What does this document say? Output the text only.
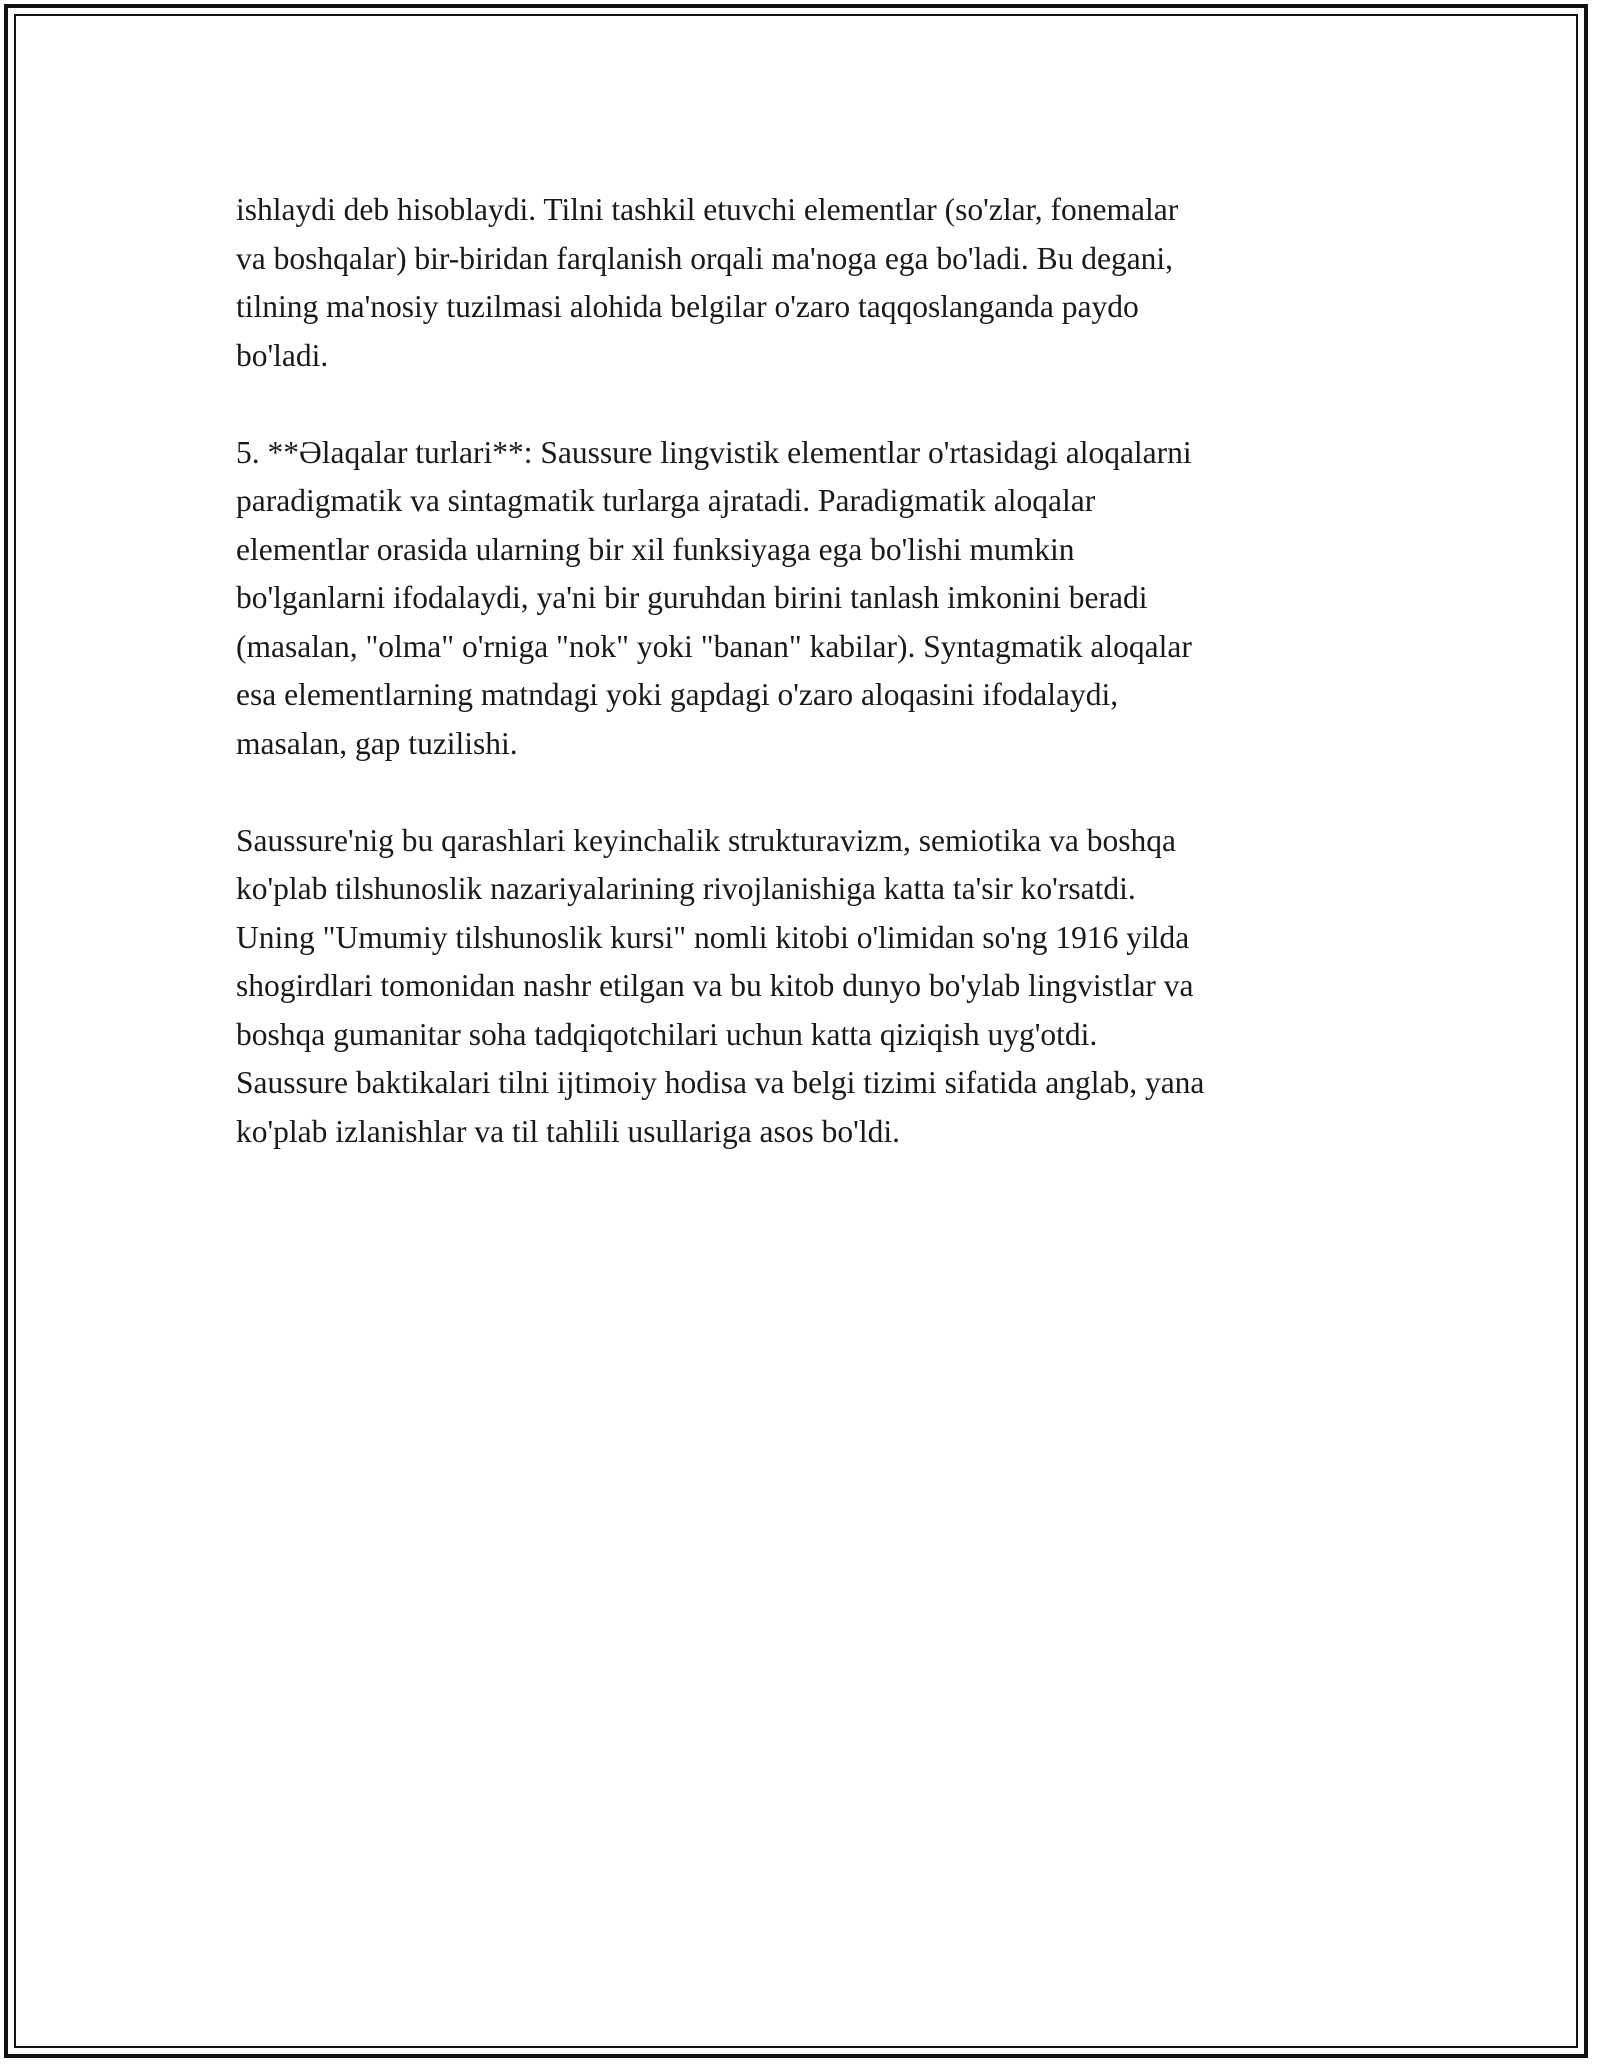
ishlaydi deb hisoblaydi. Tilni tashkil etuvchi elementlar (so'zlar, fonemalar
va boshqalar) bir-biridan farqlanish orqali ma'noga ega bo'ladi. Bu degani,
tilning ma'nosiy tuzilmasi alohida belgilar o'zaro taqqoslanganda paydo
bo'ladi.

5. **Əlaqalar turlari**: Saussure lingvistik elementlar o'rtasidagi aloqalarni
paradigmatik va sintagmatik turlarga ajratadi. Paradigmatik aloqalar
elementlar orasida ularning bir xil funksiyaga ega bo'lishi mumkin
bo'lganlarni ifodalaydi, ya'ni bir guruhdan birini tanlash imkonini beradi
(masalan, "olma" o'rniga "nok" yoki "banan" kabilar). Syntagmatik aloqalar
esa elementlarning matndagi yoki gapdagi o'zaro aloqasini ifodalaydi,
masalan, gap tuzilishi.

Saussure'nig bu qarashlari keyinchalik strukturavizm, semiotika va boshqa
ko'plab tilshunoslik nazariyalarining rivojlanishiga katta ta'sir ko'rsatdi.
Uning "Umumiy tilshunoslik kursi" nomli kitobi o'limidan so'ng 1916 yilda
shogirdlari tomonidan nashr etilgan va bu kitob dunyo bo'ylab lingvistlar va
boshqa gumanitar soha tadqiqotchilari uchun katta qiziqish uyg'otdi.
Saussure baktikalari tilni ijtimoiy hodisa va belgi tizimi sifatida anglab, yana
ko'plab izlanishlar va til tahlili usullariga asos bo'ldi.
